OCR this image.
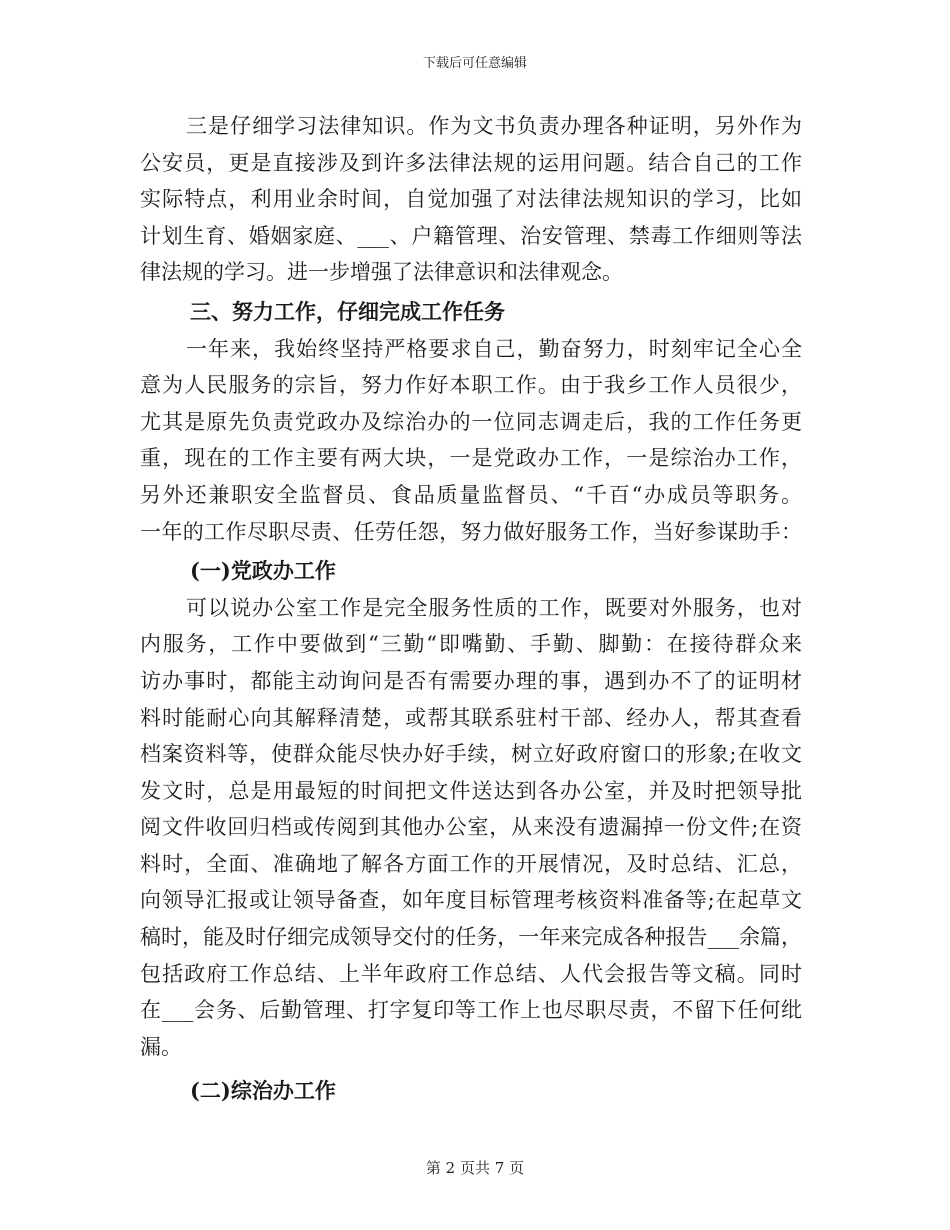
下载后可任意编辑
三是仔细学习法律知识。作为文书负责办理各种证明，另外作为
公安员，更是直接涉及到许多法律法规的运用问题。结合自己的工作
实际特点，利用业余时间，自觉加强了对法律法规知识的学习，比如
计划生育、婚姻家庭、___、户籍管理、治安管理、禁毒工作细则等法
律法规的学习。进一步增强了法律意识和法律观念。
三、努力工作，仔细完成工作任务
一年来，我始终坚持严格要求自己，勤奋努力，时刻牢记全心全
意为人民服务的宗旨，努力作好本职工作。由于我乡工作人员很少，
尤其是原先负责党政办及综治办的一位同志调走后，我的工作任务更
重，现在的工作主要有两大块，一是党政办工作，一是综治办工作，
另外还兼职安全监督员、食品质量监督员、“千百“办成员等职务。
一年的工作尽职尽责、任劳任怨，努力做好服务工作，当好参谋助手：
(一)党政办工作
可以说办公室工作是完全服务性质的工作，既要对外服务，也对
内服务，工作中要做到“三勤“即嘴勤、手勤、脚勤：在接待群众来
访办事时，都能主动询问是否有需要办理的事，遇到办不了的证明材
料时能耐心向其解释清楚，或帮其联系驻村干部、经办人，帮其查看
档案资料等，使群众能尽快办好手续，树立好政府窗口的形象;在收文
发文时，总是用最短的时间把文件送达到各办公室，并及时把领导批
阅文件收回归档或传阅到其他办公室，从来没有遗漏掉一份文件;在资
料时，全面、准确地了解各方面工作的开展情况，及时总结、汇总，
向领导汇报或让领导备查，如年度目标管理考核资料准备等;在起草文
稿时，能及时仔细完成领导交付的任务，一年来完成各种报告___余篇，
包括政府工作总结、上半年政府工作总结、人代会报告等文稿。同时
在___会务、后勤管理、打字复印等工作上也尽职尽责，不留下任何纰
漏。
(二)综治办工作
第 2 页共 7 页
